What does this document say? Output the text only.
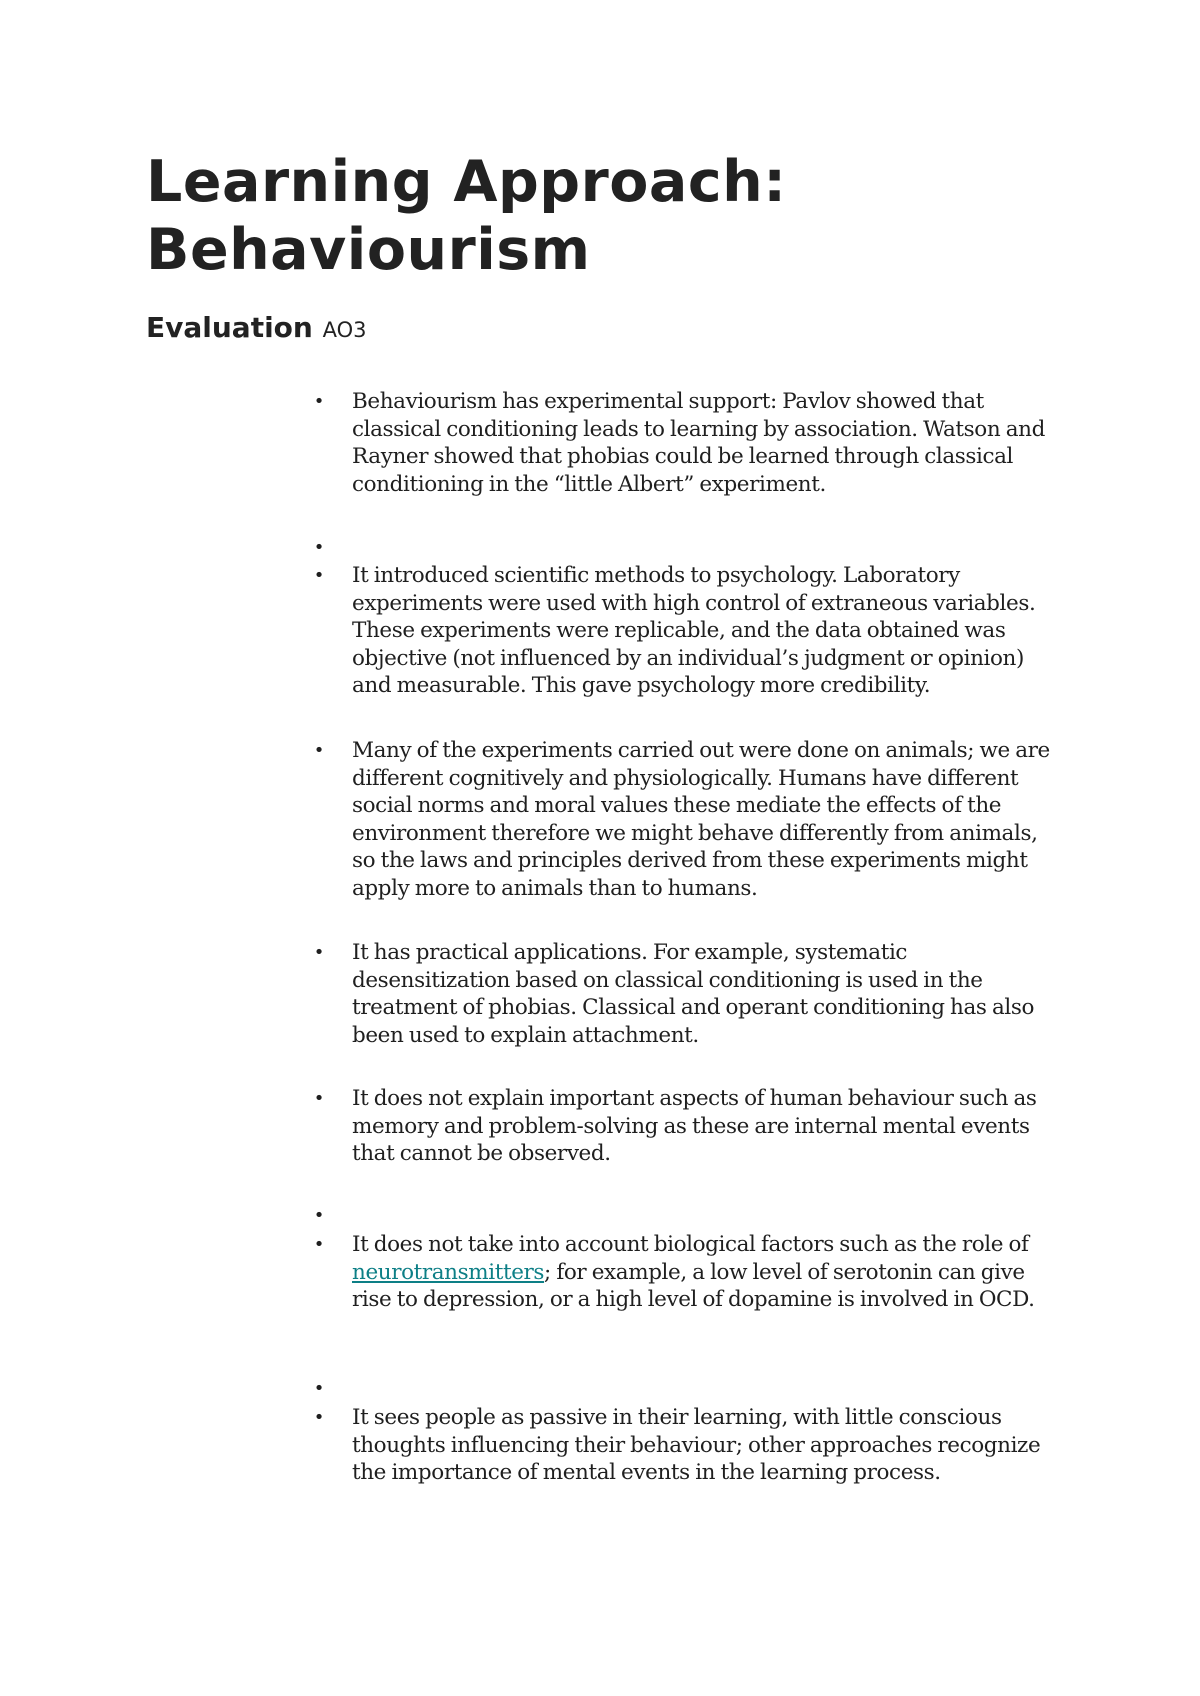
Learning Approach:
Behaviourism
Evaluation AO3
• Behaviourism has experimental support: Pavlov showed that classical conditioning leads to learning by association. Watson and Rayner showed that phobias could be learned through classical conditioning in the “little Albert” experiment.
•
• It introduced scientific methods to psychology. Laboratory experiments were used with high control of extraneous variables. These experiments were replicable, and the data obtained was objective (not influenced by an individual’s judgment or opinion) and measurable. This gave psychology more credibility.
• Many of the experiments carried out were done on animals; we are different cognitively and physiologically. Humans have different social norms and moral values these mediate the effects of the environment therefore we might behave differently from animals, so the laws and principles derived from these experiments might apply more to animals than to humans.
• It has practical applications. For example, systematic desensitization based on classical conditioning is used in the treatment of phobias. Classical and operant conditioning has also been used to explain attachment.
• It does not explain important aspects of human behaviour such as memory and problem-solving as these are internal mental events that cannot be observed.
•
• It does not take into account biological factors such as the role of neurotransmitters; for example, a low level of serotonin can give rise to depression, or a high level of dopamine is involved in OCD.
•
• It sees people as passive in their learning, with little conscious thoughts influencing their behaviour; other approaches recognize the importance of mental events in the learning process.
